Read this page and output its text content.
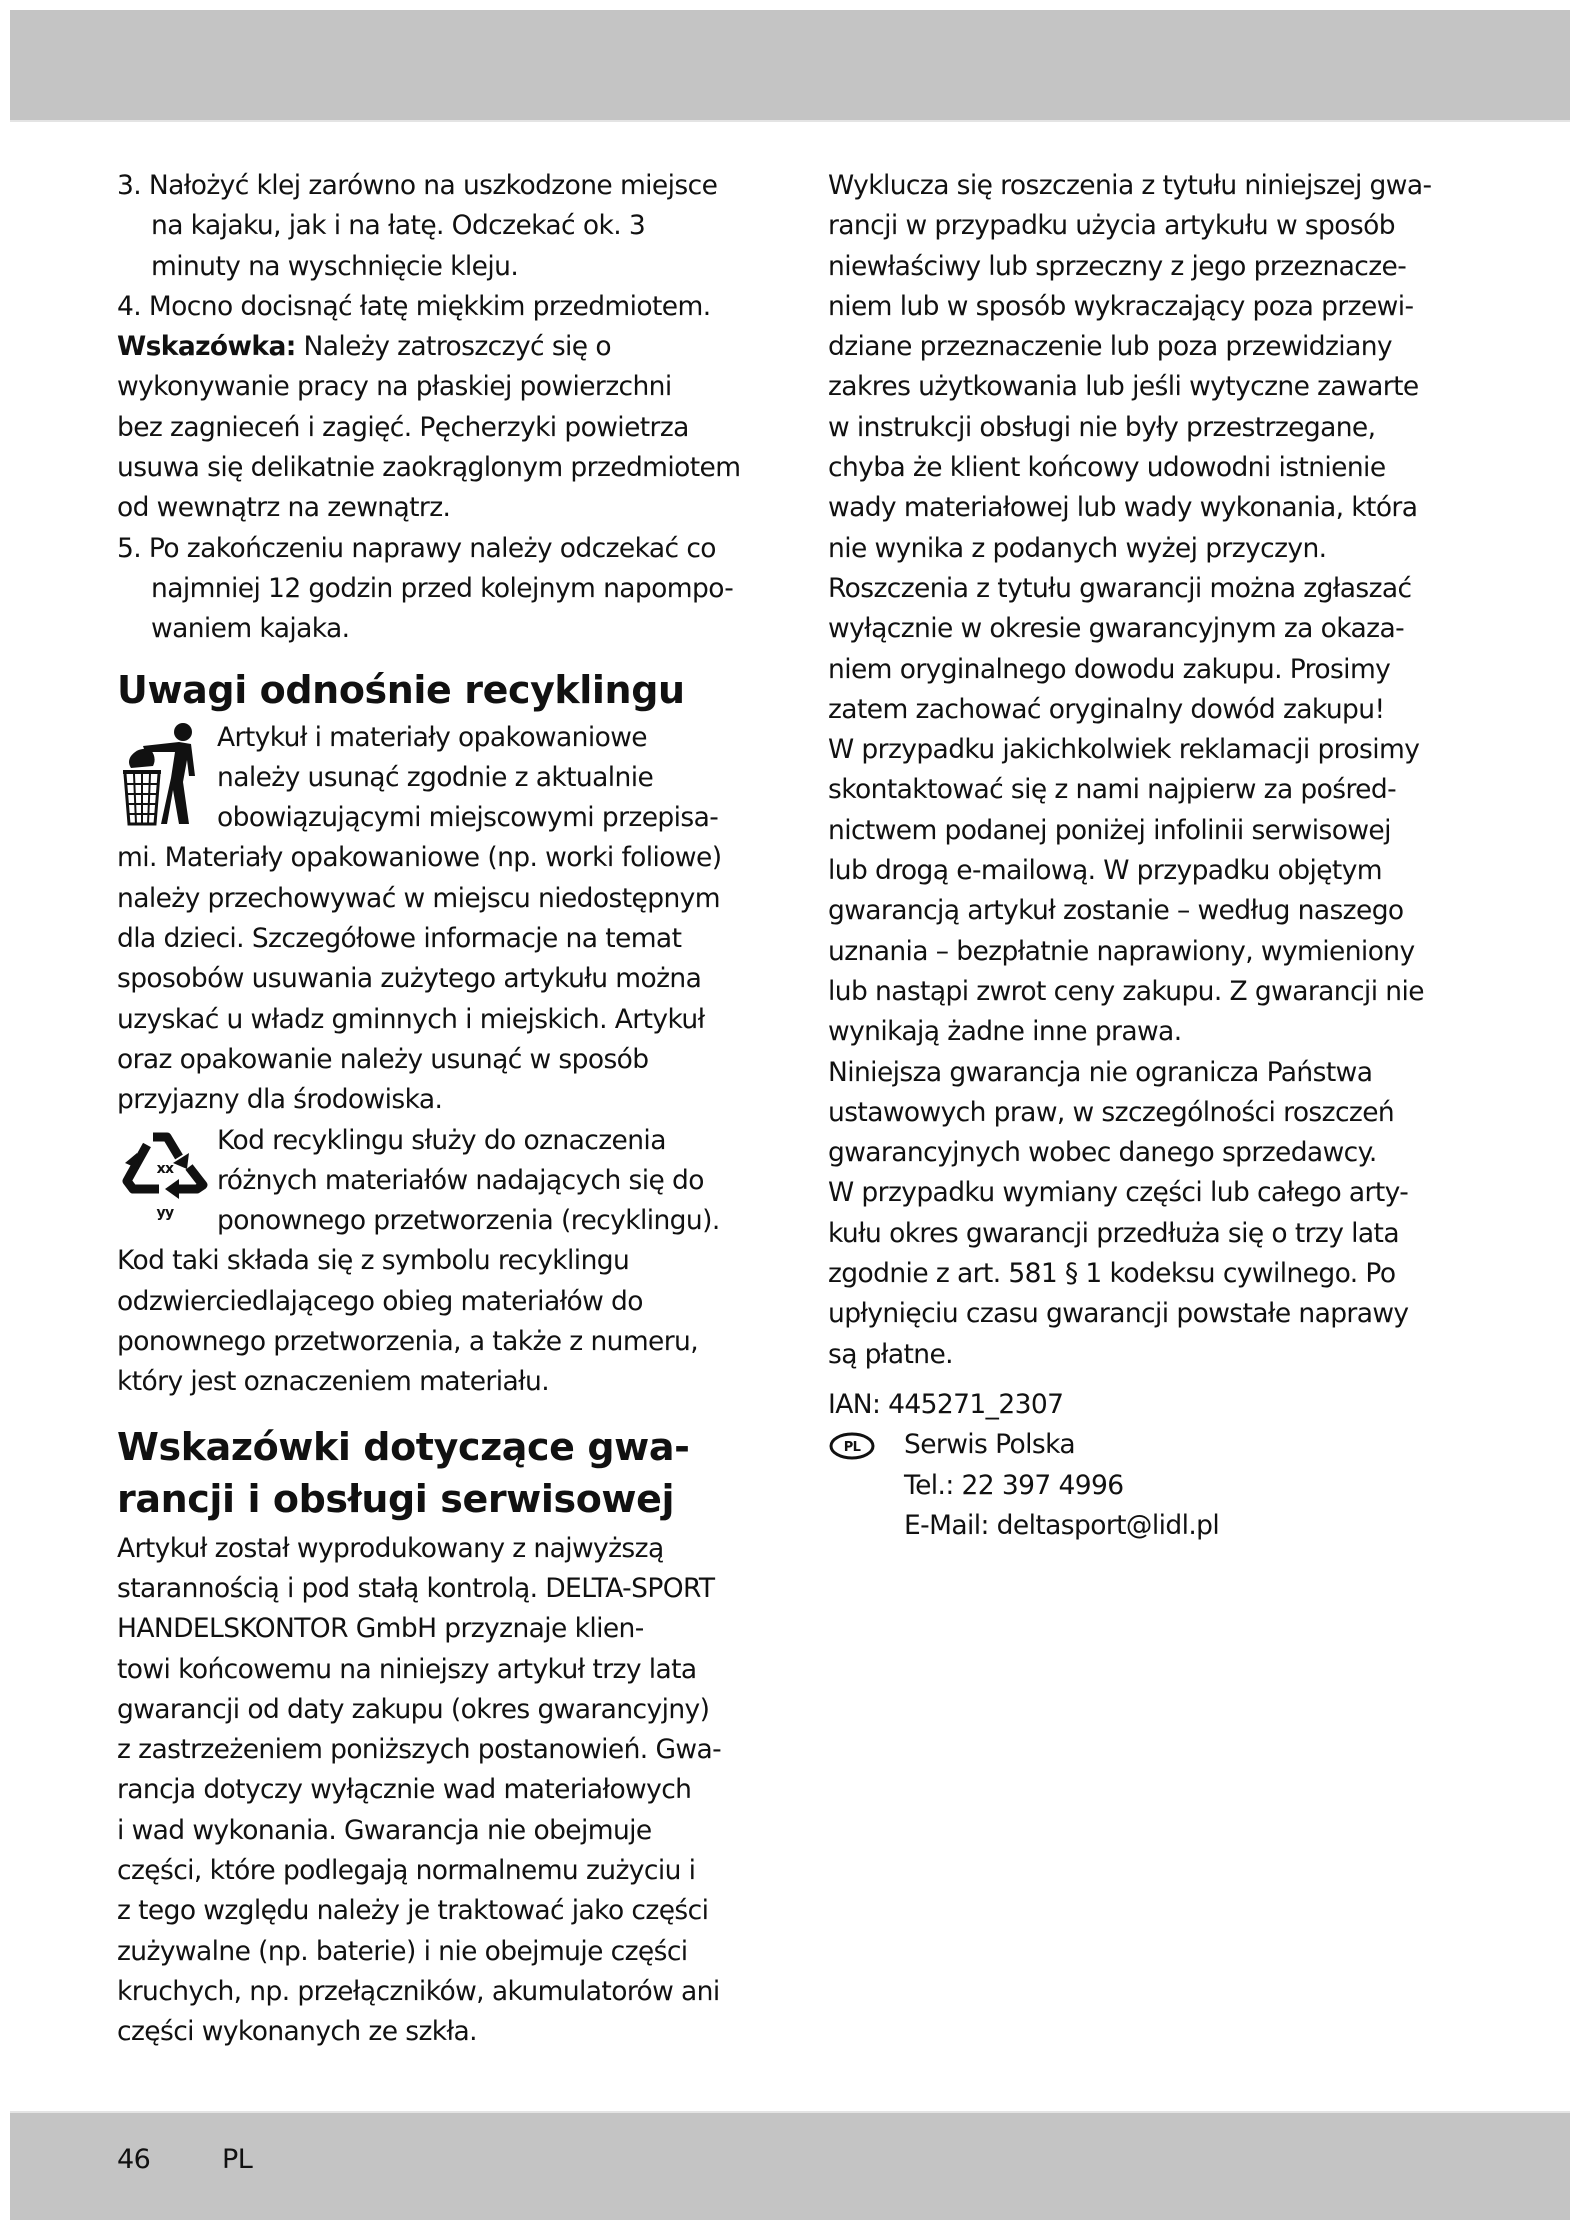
3. Nałożyć klej zarówno na uszkodzone miejsce
na kajaku, jak i na łatę. Odczekać ok. 3
minuty na wyschnięcie kleju.
4. Mocno docisnąć łatę miękkim przedmiotem.
Wskazówka: Należy zatroszczyć się o
wykonywanie pracy na płaskiej powierzchni
bez zagnieceń i zagięć. Pęcherzyki powietrza
usuwa się delikatnie zaokrąglonym przedmiotem
od wewnątrz na zewnątrz.
5. Po zakończeniu naprawy należy odczekać co
najmniej 12 godzin przed kolejnym napompo-
waniem kajaka.
Uwagi odnośnie recyklingu
Artykuł i materiały opakowaniowe
należy usunąć zgodnie z aktualnie
obowiązującymi miejscowymi przepisa-
mi. Materiały opakowaniowe (np. worki foliowe)
należy przechowywać w miejscu niedostępnym
dla dzieci. Szczegółowe informacje na temat
sposobów usuwania zużytego artykułu można
uzyskać u władz gminnych i miejskich. Artykuł
oraz opakowanie należy usunąć w sposób
przyjazny dla środowiska.
xx
yy
Kod recyklingu służy do oznaczenia
różnych materiałów nadających się do
ponownego przetworzenia (recyklingu).
Kod taki składa się z symbolu recyklingu
odzwierciedlającego obieg materiałów do
ponownego przetworzenia, a także z numeru,
który jest oznaczeniem materiału.
Wskazówki dotyczące gwa-
rancji i obsługi serwisowej
Artykuł został wyprodukowany z najwyższą
starannością i pod stałą kontrolą. DELTA-SPORT
HANDELSKONTOR GmbH przyznaje klien-
towi końcowemu na niniejszy artykuł trzy lata
gwarancji od daty zakupu (okres gwarancyjny)
z zastrzeżeniem poniższych postanowień. Gwa-
rancja dotyczy wyłącznie wad materiałowych
i wad wykonania. Gwarancja nie obejmuje
części, które podlegają normalnemu zużyciu i
z tego względu należy je traktować jako części
zużywalne (np. baterie) i nie obejmuje części
kruchych, np. przełączników, akumulatorów ani
części wykonanych ze szkła.
Wyklucza się roszczenia z tytułu niniejszej gwa-
rancji w przypadku użycia artykułu w sposób
niewłaściwy lub sprzeczny z jego przeznacze-
niem lub w sposób wykraczający poza przewi-
dziane przeznaczenie lub poza przewidziany
zakres użytkowania lub jeśli wytyczne zawarte
w instrukcji obsługi nie były przestrzegane,
chyba że klient końcowy udowodni istnienie
wady materiałowej lub wady wykonania, która
nie wynika z podanych wyżej przyczyn.
Roszczenia z tytułu gwarancji można zgłaszać
wyłącznie w okresie gwarancyjnym za okaza-
niem oryginalnego dowodu zakupu. Prosimy
zatem zachować oryginalny dowód zakupu!
W przypadku jakichkolwiek reklamacji prosimy
skontaktować się z nami najpierw za pośred-
nictwem podanej poniżej infolinii serwisowej
lub drogą e-mailową. W przypadku objętym
gwarancją artykuł zostanie – według naszego
uznania – bezpłatnie naprawiony, wymieniony
lub nastąpi zwrot ceny zakupu. Z gwarancji nie
wynikają żadne inne prawa.
Niniejsza gwarancja nie ogranicza Państwa
ustawowych praw, w szczególności roszczeń
gwarancyjnych wobec danego sprzedawcy.
W przypadku wymiany części lub całego arty-
kułu okres gwarancji przedłuża się o trzy lata
zgodnie z art. 581 § 1 kodeksu cywilnego. Po
upłynięciu czasu gwarancji powstałe naprawy
są płatne.
IAN: 445271_2307
PL	Serwis Polska
Tel.: 22 397 4996
E-Mail: deltasport@lidl.pl
46	PL
